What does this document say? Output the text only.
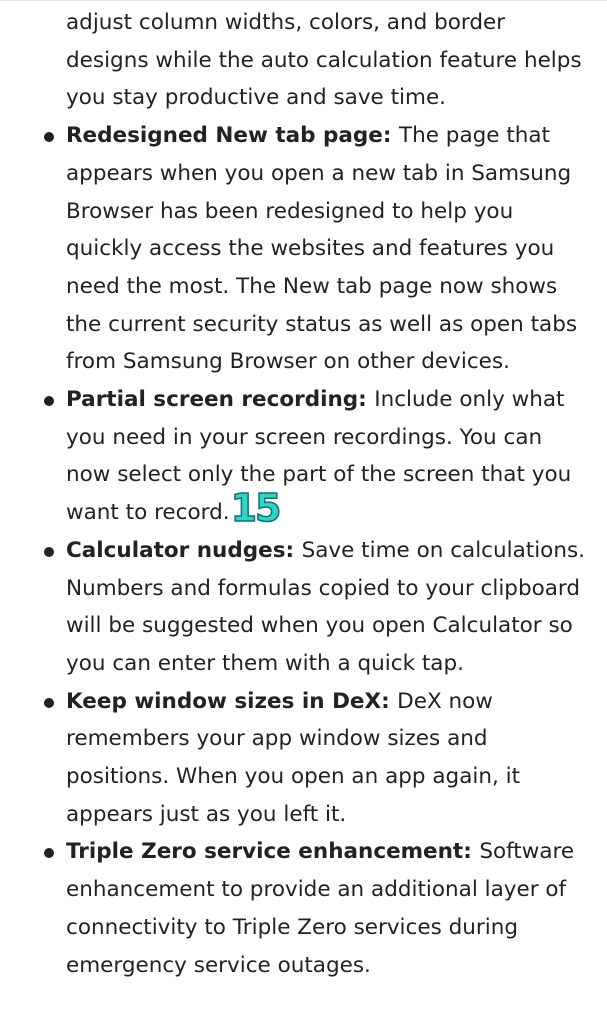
adjust column widths, colors, and border designs while the auto calculation feature helps you stay productive and save time.

Redesigned New tab page: The page that appears when you open a new tab in Samsung Browser has been redesigned to help you quickly access the websites and features you need the most. The New tab page now shows the current security status as well as open tabs from Samsung Browser on other devices.
Partial screen recording: Include only what you need in your screen recordings. You can now select only the part of the screen that you want to record.15
Calculator nudges: Save time on calculations. Numbers and formulas copied to your clipboard will be suggested when you open Calculator so you can enter them with a quick tap.
Keep window sizes in DeX: DeX now remembers your app window sizes and positions. When you open an app again, it appears just as you left it.
Triple Zero service enhancement: Software enhancement to provide an additional layer of connectivity to Triple Zero services during emergency service outages.
